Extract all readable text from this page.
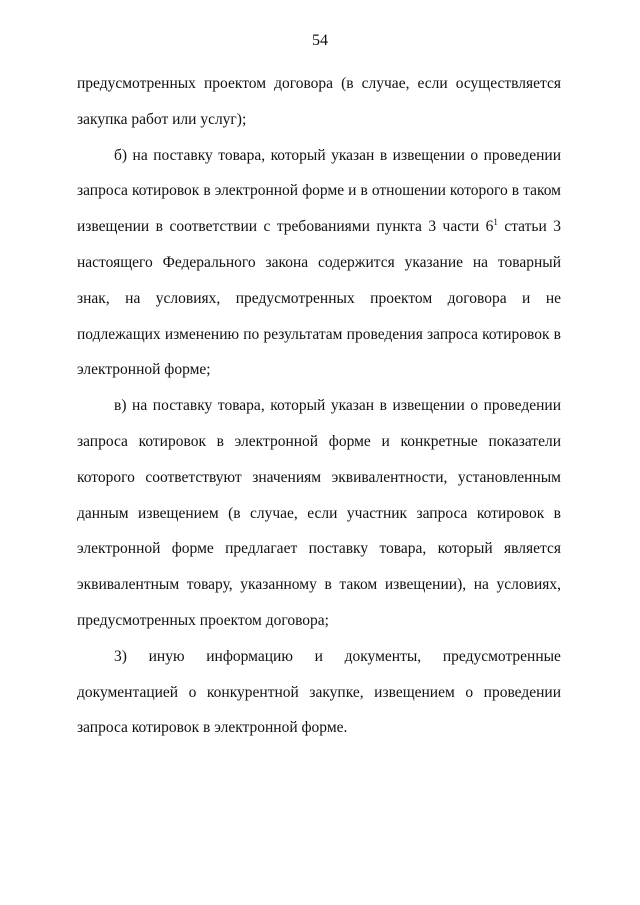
54

предусмотренных проектом договора (в случае, если осуществляется закупка работ или услуг);

б) на поставку товара, который указан в извещении о проведении запроса котировок в электронной форме и в отношении которого в таком извещении в соответствии с требованиями пункта 3 части $6^1$ статьи 3 настоящего Федерального закона содержится указание на товарный знак, на условиях, предусмотренных проектом договора и не подлежащих изменению по результатам проведения запроса котировок в электронной форме;

в) на поставку товара, который указан в извещении о проведении запроса котировок в электронной форме и конкретные показатели которого соответствуют значениям эквивалентности, установленным данным извещением (в случае, если участник запроса котировок в электронной форме предлагает поставку товара, который является эквивалентным товару, указанному в таком извещении), на условиях, предусмотренных проектом договора;

3) иную информацию и документы, предусмотренные

документацией о конкурентной закупке, извещением о проведении запроса котировок в электронной форме.
